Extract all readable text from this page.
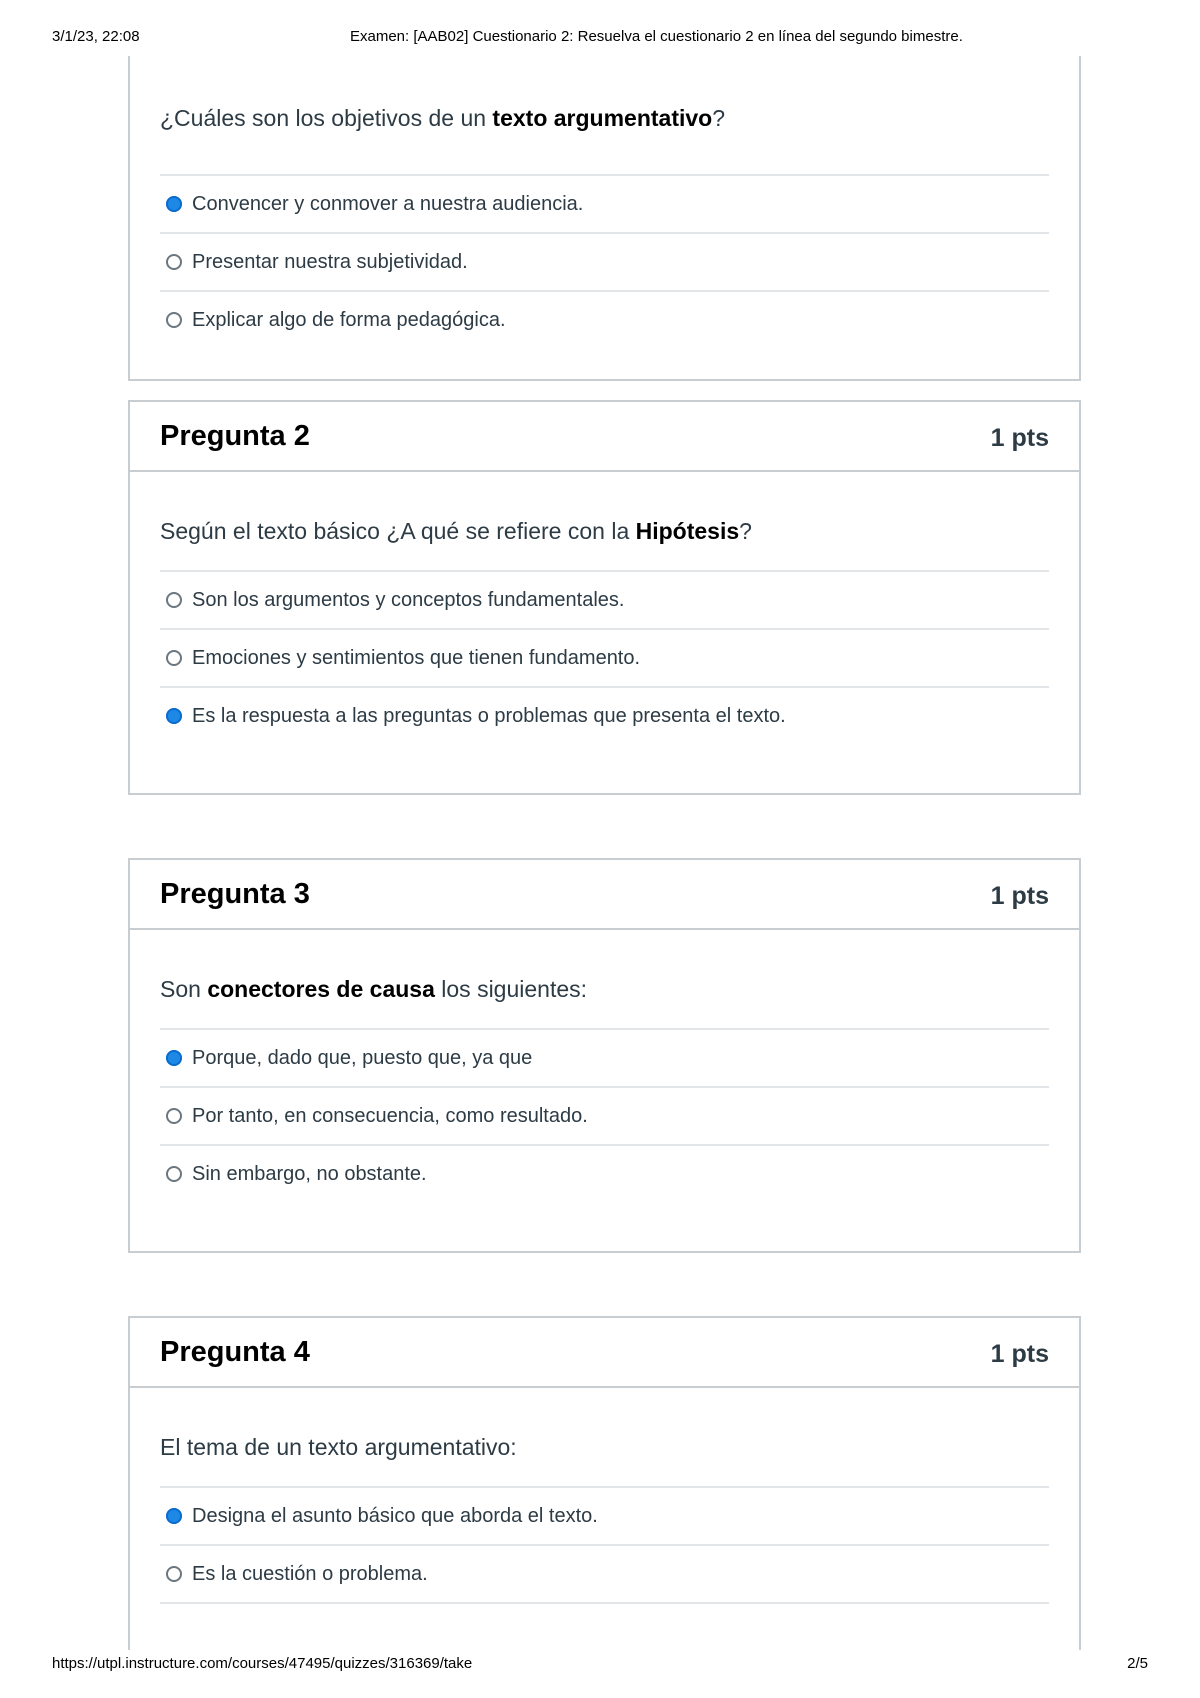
3/1/23, 22:08	Examen: [AAB02] Cuestionario 2: Resuelva el cuestionario 2 en línea del segundo bimestre.
¿Cuáles son los objetivos de un texto argumentativo?
Convencer y conmover a nuestra audiencia.
Presentar nuestra subjetividad.
Explicar algo de forma pedagógica.
Pregunta 2	1 pts
Según el texto básico ¿A qué se refiere con la Hipótesis?
Son los argumentos y conceptos fundamentales.
Emociones y sentimientos que tienen fundamento.
Es la respuesta a las preguntas o problemas que presenta el texto.
Pregunta 3	1 pts
Son conectores de causa los siguientes:
Porque, dado que, puesto que, ya que
Por tanto, en consecuencia, como resultado.
Sin embargo, no obstante.
Pregunta 4	1 pts
El tema de un texto argumentativo:
Designa el asunto básico que aborda el texto.
Es la cuestión o problema.
https://utpl.instructure.com/courses/47495/quizzes/316369/take	2/5
